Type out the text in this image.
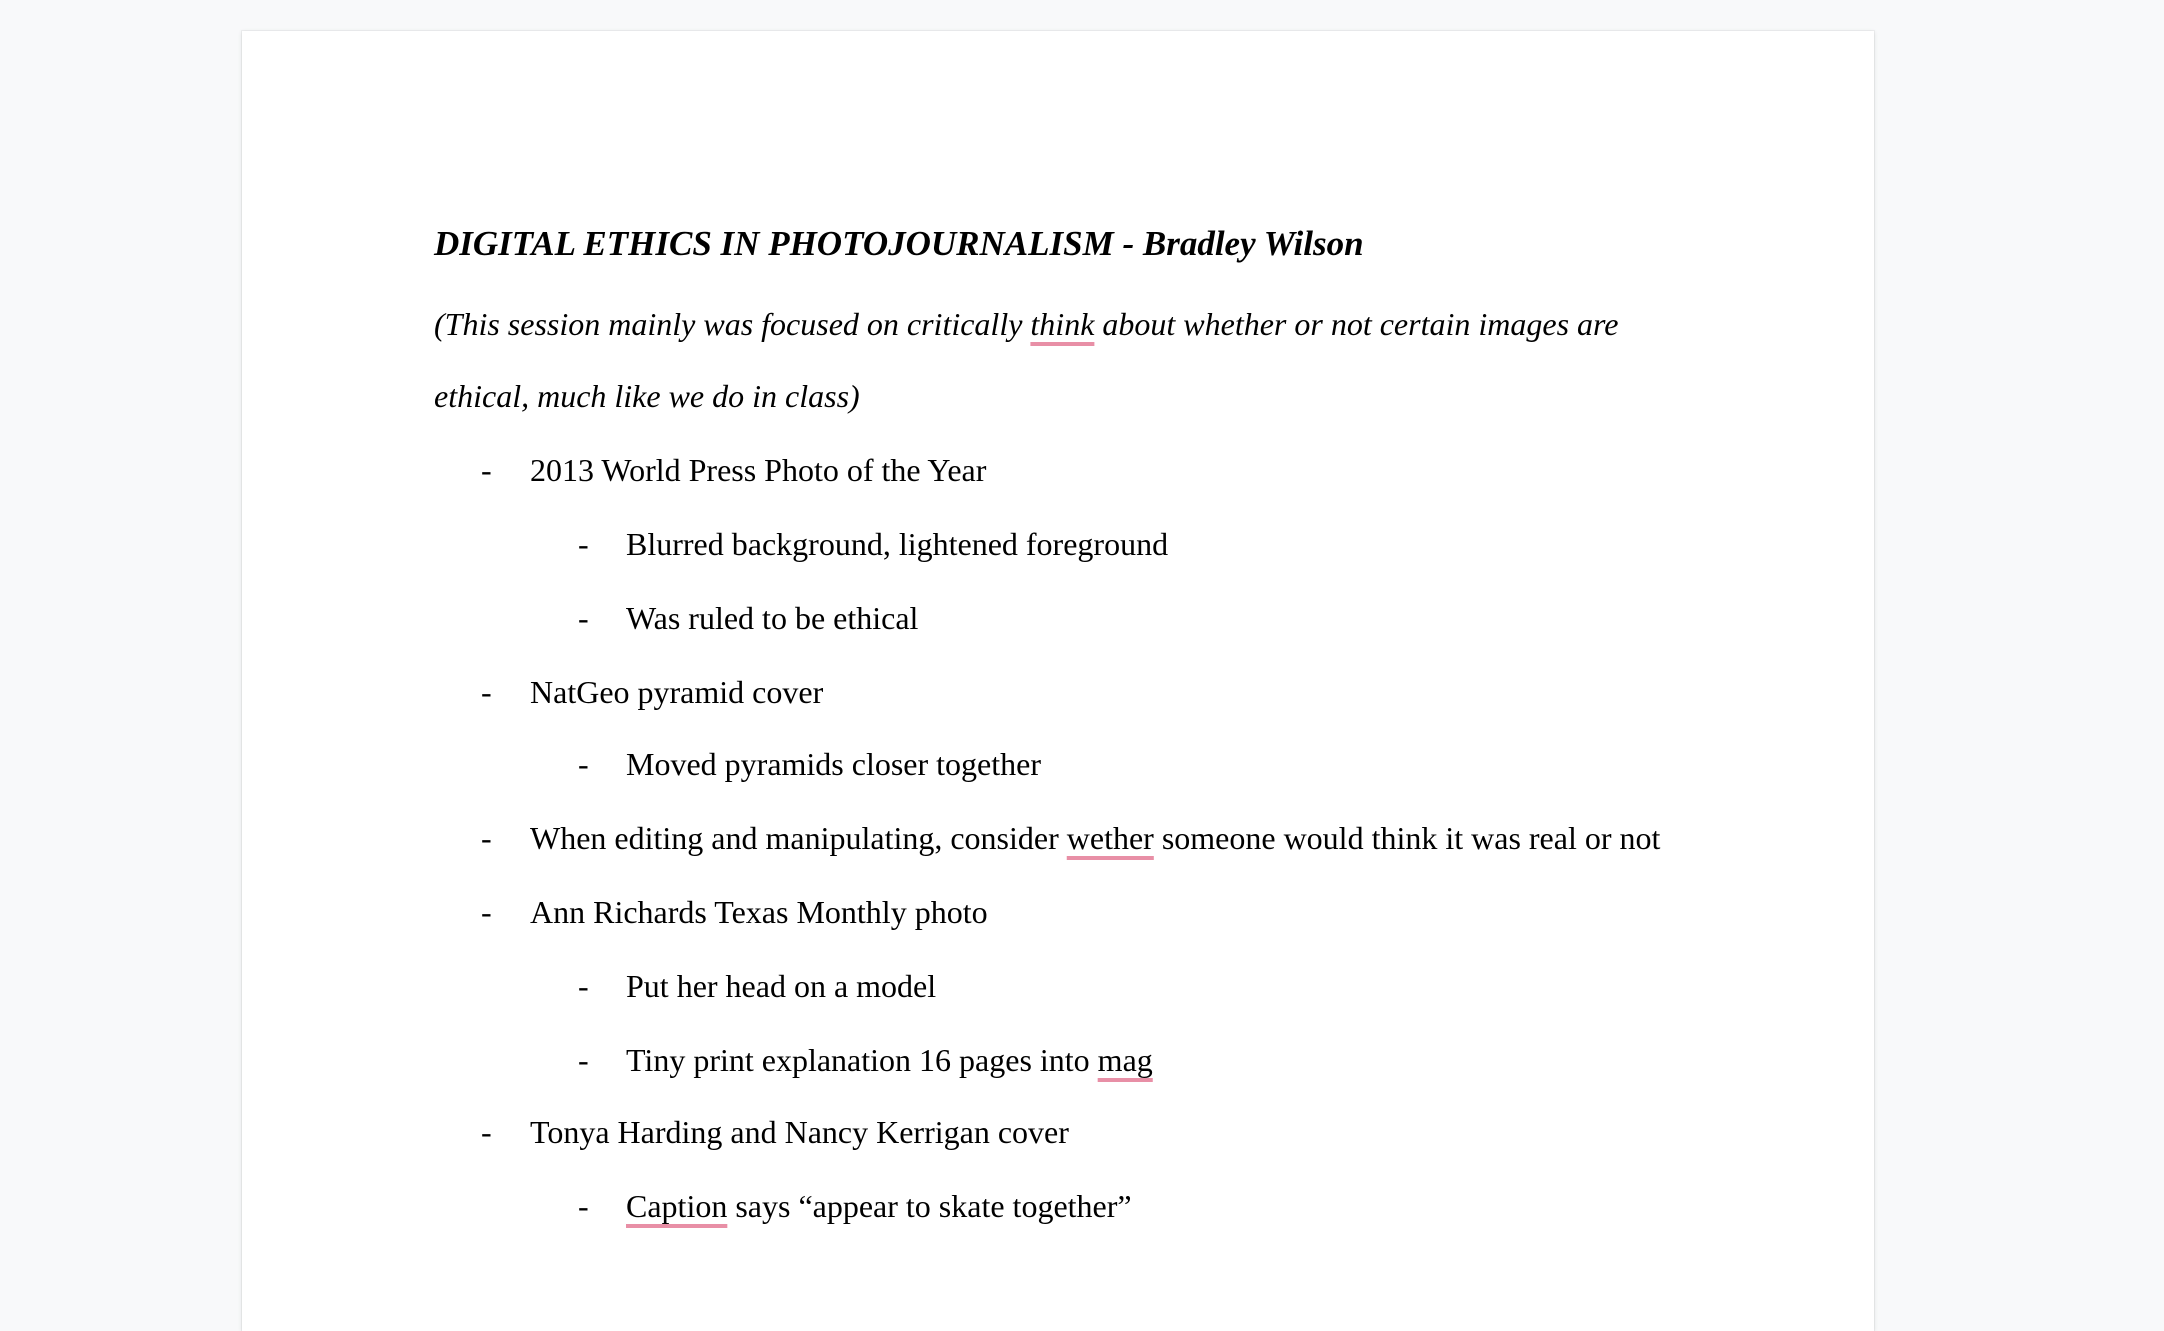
DIGITAL ETHICS IN PHOTOJOURNALISM - Bradley Wilson
(This session mainly was focused on critically think about whether or not certain images are
ethical, much like we do in class)
- 2013 World Press Photo of the Year
- Blurred background, lightened foreground
- Was ruled to be ethical
- NatGeo pyramid cover
- Moved pyramids closer together
- When editing and manipulating, consider wether someone would think it was real or not
- Ann Richards Texas Monthly photo
- Put her head on a model
- Tiny print explanation 16 pages into mag
- Tonya Harding and Nancy Kerrigan cover
- Caption says “appear to skate together”
